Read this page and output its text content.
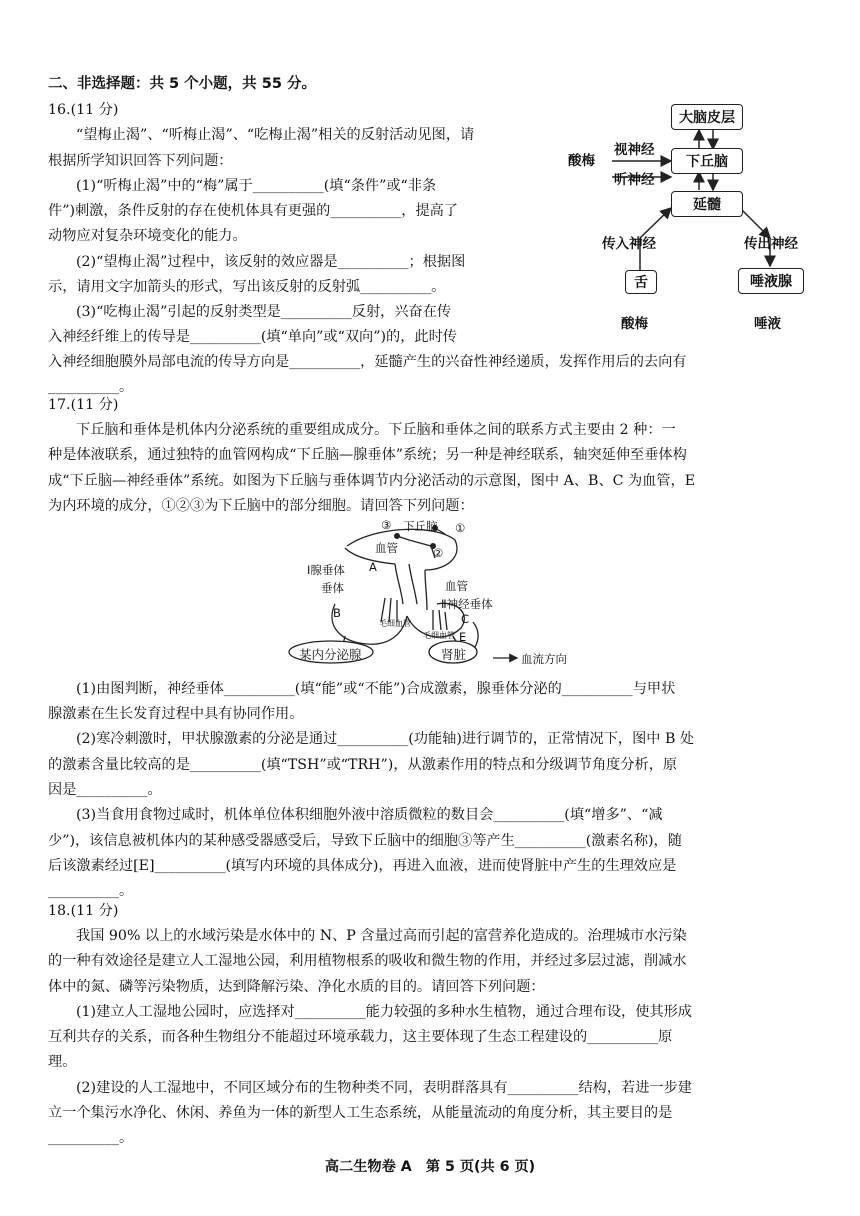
二、非选择题：共 5 个小题，共 55 分。
16.(11 分)
“望梅止渴”、“听梅止渴”、“吃梅止渴”相关的反射活动见图，请
根据所学知识回答下列问题：
(1)“听梅止渴”中的“梅”属于__________(填“条件”或“非条
件”)刺激，条件反射的存在使机体具有更强的__________，提高了
动物应对复杂环境变化的能力。
(2)“望梅止渴”过程中，该反射的效应器是__________；根据图
示，请用文字加箭头的形式，写出该反射的反射弧__________。
(3)“吃梅止渴”引起的反射类型是__________反射，兴奋在传
入神经纤维上的传导是__________(填“单向”或“双向”)的，此时传
入神经细胞膜外局部电流的传导方向是__________，延髓产生的兴奋性神经递质，发挥作用后的去向有
__________。
大脑皮层
下丘脑
延髓
视神经
酸梅
听神经
传入神经	传出神经
舌	唾液腺
酸梅	唾液
17.(11 分)
下丘脑和垂体是机体内分泌系统的重要组成成分。下丘脑和垂体之间的联系方式主要由 2 种：一
种是体液联系，通过独特的血管网构成“下丘脑—腺垂体”系统；另一种是神经联系，轴突延伸至垂体构
成“下丘脑—神经垂体”系统。如图为下丘脑与垂体调节内分泌活动的示意图，图中 A、B、C 为血管，E
为内环境的成分，①②③为下丘脑中的部分细胞。请回答下列问题：
③ 下丘脑 ①
②
血管
A
Ⅰ腺垂体
垂体	血管
Ⅱ神经垂体
B
毛细血管
毛细血管
C
E
某内分泌腺	肾脏	血流方向
(1)由图判断，神经垂体__________(填“能”或“不能”)合成激素，腺垂体分泌的__________与甲状
腺激素在生长发育过程中具有协同作用。
(2)寒冷刺激时，甲状腺激素的分泌是通过__________(功能轴)进行调节的，正常情况下，图中 B 处
的激素含量比较高的是__________(填“TSH”或“TRH”)，从激素作用的特点和分级调节角度分析，原
因是__________。
(3)当食用食物过咸时，机体单位体积细胞外液中溶质微粒的数目会__________(填“增多”、“减
少”)，该信息被机体内的某种感受器感受后，导致下丘脑中的细胞③等产生__________(激素名称)，随
后该激素经过[E]__________(填写内环境的具体成分)，再进入血液，进而使肾脏中产生的生理效应是
__________。
18.(11 分)
我国 90% 以上的水域污染是水体中的 N、P 含量过高而引起的富营养化造成的。治理城市水污染
的一种有效途径是建立人工湿地公园，利用植物根系的吸收和微生物的作用，并经过多层过滤，削减水
体中的氮、磷等污染物质，达到降解污染、净化水质的目的。请回答下列问题：
(1)建立人工湿地公园时，应选择对__________能力较强的多种水生植物，通过合理布设，使其形成
互利共存的关系，而各种生物组分不能超过环境承载力，这主要体现了生态工程建设的__________原
理。
(2)建设的人工湿地中，不同区域分布的生物种类不同，表明群落具有__________结构，若进一步建
立一个集污水净化、休闲、养鱼为一体的新型人工生态系统，从能量流动的角度分析，其主要目的是
__________。
高二生物卷 A　第 5 页(共 6 页)
